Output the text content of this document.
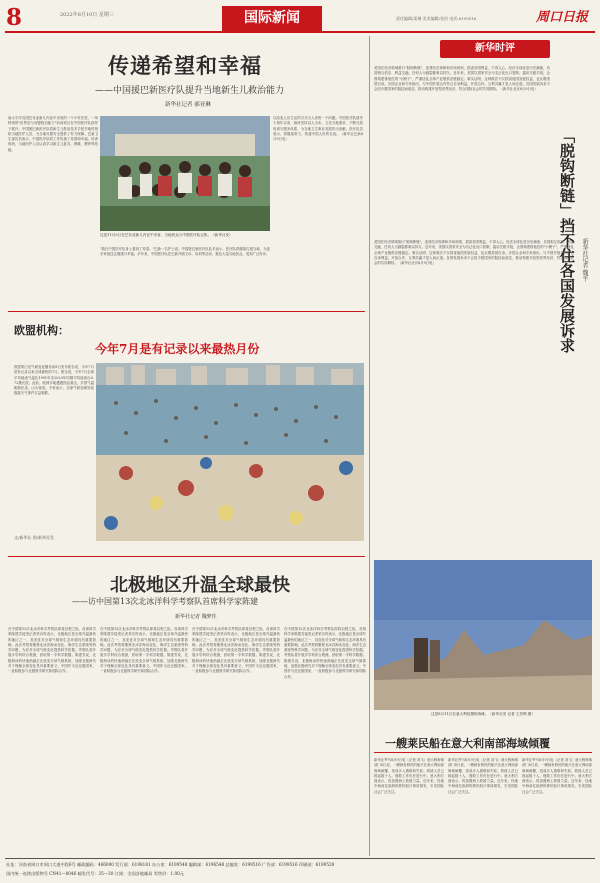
8	2022年8月10日 星期三	国际新闻	责任编辑/姜琳 美术编辑/张培 电话:6199516	周口日报
传递希望和幸福
——中国援巴新医疗队提升当地新生儿救治能力
新华社记者 郝亚琳
南太平洋岛国巴布亚新几内亚中央省的一个小村庄里，一场特别的"世界爱与母婴救治能力"培训项目在中国医疗队指导下展开。中国援巴新医疗队将新生儿救治技术手把手地传授给当地医护人员，为当地母婴安全提供了有力保障。巴新卫生部官员表示，中国医疗队的工作传递了希望和幸福。培训现场，当地医护人员认真学习新生儿复苏、保暖、喂养等技能。
这是11月5日在巴布亚新几内亚中央省，当地民众与中国医疗队合影。（新华社发）
"我在中国医疗队身上看到了希望。"巴新一名护士说。中国援巴新医疗队队长表示，医疗队将继续扎根当地，为更多家庭送去健康与幸福。多年来，中国医疗队在巴新开展义诊、培训等活动，惠及大量当地民众，受到广泛好评。
以改变人们生活的方式为人民的一个问题。中国医疗队援外十周年以来，始终坚持以人为本，立足当地需求，不断完善培训与服务体系，为当地卫生事业发展作出贡献。医疗队员表示，将继续努力，传递中国人民的友谊。（新华社巴新8月9日电）
欧盟机构：
今年7月是有记录以来最热月份
欧盟哥白尼气候变化服务局8日发布报告说，今年7月是有记录以来全球最热的7月。报告说，今年7月全球平均地表气温比1991年至2020年同期平均值高出0.72摄氏度。此前，欧洲多地遭遇热浪袭击，多国气温刷新纪录，山火频发。专家表示，全球气候变暖导致极端天气事件日益频繁。
文/新华社 图/新华社发
北极地区升温全球最快
——访中国第13次北冰洋科学考察队首席科学家陈建
新华社记者 魏梦佳
在中国第13次北冰洋科学考察队即将启程之际，首席科学家陈建芳接受记者采访时表示，北极地区是全球升温最快的地区之一，其变化对全球气候和生态环境具有重要影响。此次考察将聚焦北冰洋海冰变化、海洋生态系统等科学问题，为应对全球气候变化提供科学依据。考察队将开展多学科综合观测，获取第一手科学数据。陈建芳说，北极海冰的快速消融正在改变全球气候系统，加强北极研究对于理解全球变化具有重要意义。中国作为近北极国家，一直积极参与北极科学研究和国际合作。
在中国第13次北冰洋科学考察队即将启程之际，首席科学家陈建芳接受记者采访时表示，北极地区是全球升温最快的地区之一，其变化对全球气候和生态环境具有重要影响。此次考察将聚焦北冰洋海冰变化、海洋生态系统等科学问题，为应对全球气候变化提供科学依据。考察队将开展多学科综合观测，获取第一手科学数据。陈建芳说，北极海冰的快速消融正在改变全球气候系统，加强北极研究对于理解全球变化具有重要意义。中国作为近北极国家，一直积极参与北极科学研究和国际合作。
在中国第13次北冰洋科学考察队即将启程之际，首席科学家陈建芳接受记者采访时表示，北极地区是全球升温最快的地区之一，其变化对全球气候和生态环境具有重要影响。此次考察将聚焦北冰洋海冰变化、海洋生态系统等科学问题，为应对全球气候变化提供科学依据。考察队将开展多学科综合观测，获取第一手科学数据。陈建芳说，北极海冰的快速消融正在改变全球气候系统，加强北极研究对于理解全球变化具有重要意义。中国作为近北极国家，一直积极参与北极科学研究和国际合作。
在中国第13次北冰洋科学考察队即将启程之际，首席科学家陈建芳接受记者采访时表示，北极地区是全球升温最快的地区之一，其变化对全球气候和生态环境具有重要影响。此次考察将聚焦北冰洋海冰变化、海洋生态系统等科学问题，为应对全球气候变化提供科学依据。考察队将开展多学科综合观测，获取第一手科学数据。陈建芳说，北极海冰的快速消融正在改变全球气候系统，加强北极研究对于理解全球变化具有重要意义。中国作为近北极国家，一直积极参与北极科学研究和国际合作。
新华时评
美国在经济领域推行"脱钩断链"，违背经济规律和市场规则，损害各国利益，不得人心。经济全球化是历史潮流，各国相互依存、利益交融，任何人为割裂都难以持久。近年来，美国以国家安全为名泛化出口管制，滥用关税手段，企图构建排他性的"小圈子"，严重扰乱全球产业链供应链稳定。事实证明，这种做法不仅损害他国发展权益，也反噬美国自身。多国企业和专家指出，与中国开展合作符合自身利益。开放合作、互利共赢才是人间正道。各国发展诉求不会因少数国家的阻挠而改变，推动构建开放型世界经济，符合国际社会的共同期待。（新华社北京8月9日电）
「脱钩断链」挡不住各国发展诉求 新华社记者 魏乎
美国在经济领域推行"脱钩断链"，违背经济规律和市场规则，损害各国利益，不得人心。经济全球化是历史潮流，各国相互依存、利益交融，任何人为割裂都难以持久。近年来，美国以国家安全为名泛化出口管制，滥用关税手段，企图构建排他性的"小圈子"，严重扰乱全球产业链供应链稳定。事实证明，这种做法不仅损害他国发展权益，也反噬美国自身。多国企业和专家指出，与中国开展合作符合自身利益。开放合作、互利共赢才是人间正道。各国发展诉求不会因少数国家的阻挠而改变，推动构建开放型世界经济，符合国际社会的共同期待。（新华社北京8月9日电）
这是8月11日在意大利拍摄的海滩。（新华社发 记者 王昌利 摄）
一艘莱民船在意大利南部海域倾覆
新华社罗马8月9日电（记者 刘飞）意大利海事部门8日说，一艘载有移民的船只在意大利南部海域倾覆，造成多人遇难和失踪。救援人员已救起数十人，搜救工作仍在进行中。意大利方面表示，将加强海上救援力量。近年来，经地中海前往欧洲的移民船只事故频发，引发国际社会广泛关注。
新华社罗马8月9日电（记者 刘飞）意大利海事部门8日说，一艘载有移民的船只在意大利南部海域倾覆，造成多人遇难和失踪。救援人员已救起数十人，搜救工作仍在进行中。意大利方面表示，将加强海上救援力量。近年来，经地中海前往欧洲的移民船只事故频发，引发国际社会广泛关注。
新华社罗马8月9日电（记者 刘飞）意大利海事部门8日说，一艘载有移民的船只在意大利南部海域倾覆，造成多人遇难和失踪。救援人员已救起数十人，搜救工作仍在进行中。意大利方面表示，将加强海上救援力量。近年来，经地中海前往欧洲的移民船只事故频发，引发国际社会广泛关注。
社址：河南省周口市周口大道中段6号 邮政编码：466000 发行部：6198181 办公室：6199548 编辑部：6196548 总编室：6199516 广告部：6199516 印刷部：6199528
国内统一连续出版物号 CN41—0046 邮发代号：35—30 订阅：全国各地邮局 零售价：1.00元
